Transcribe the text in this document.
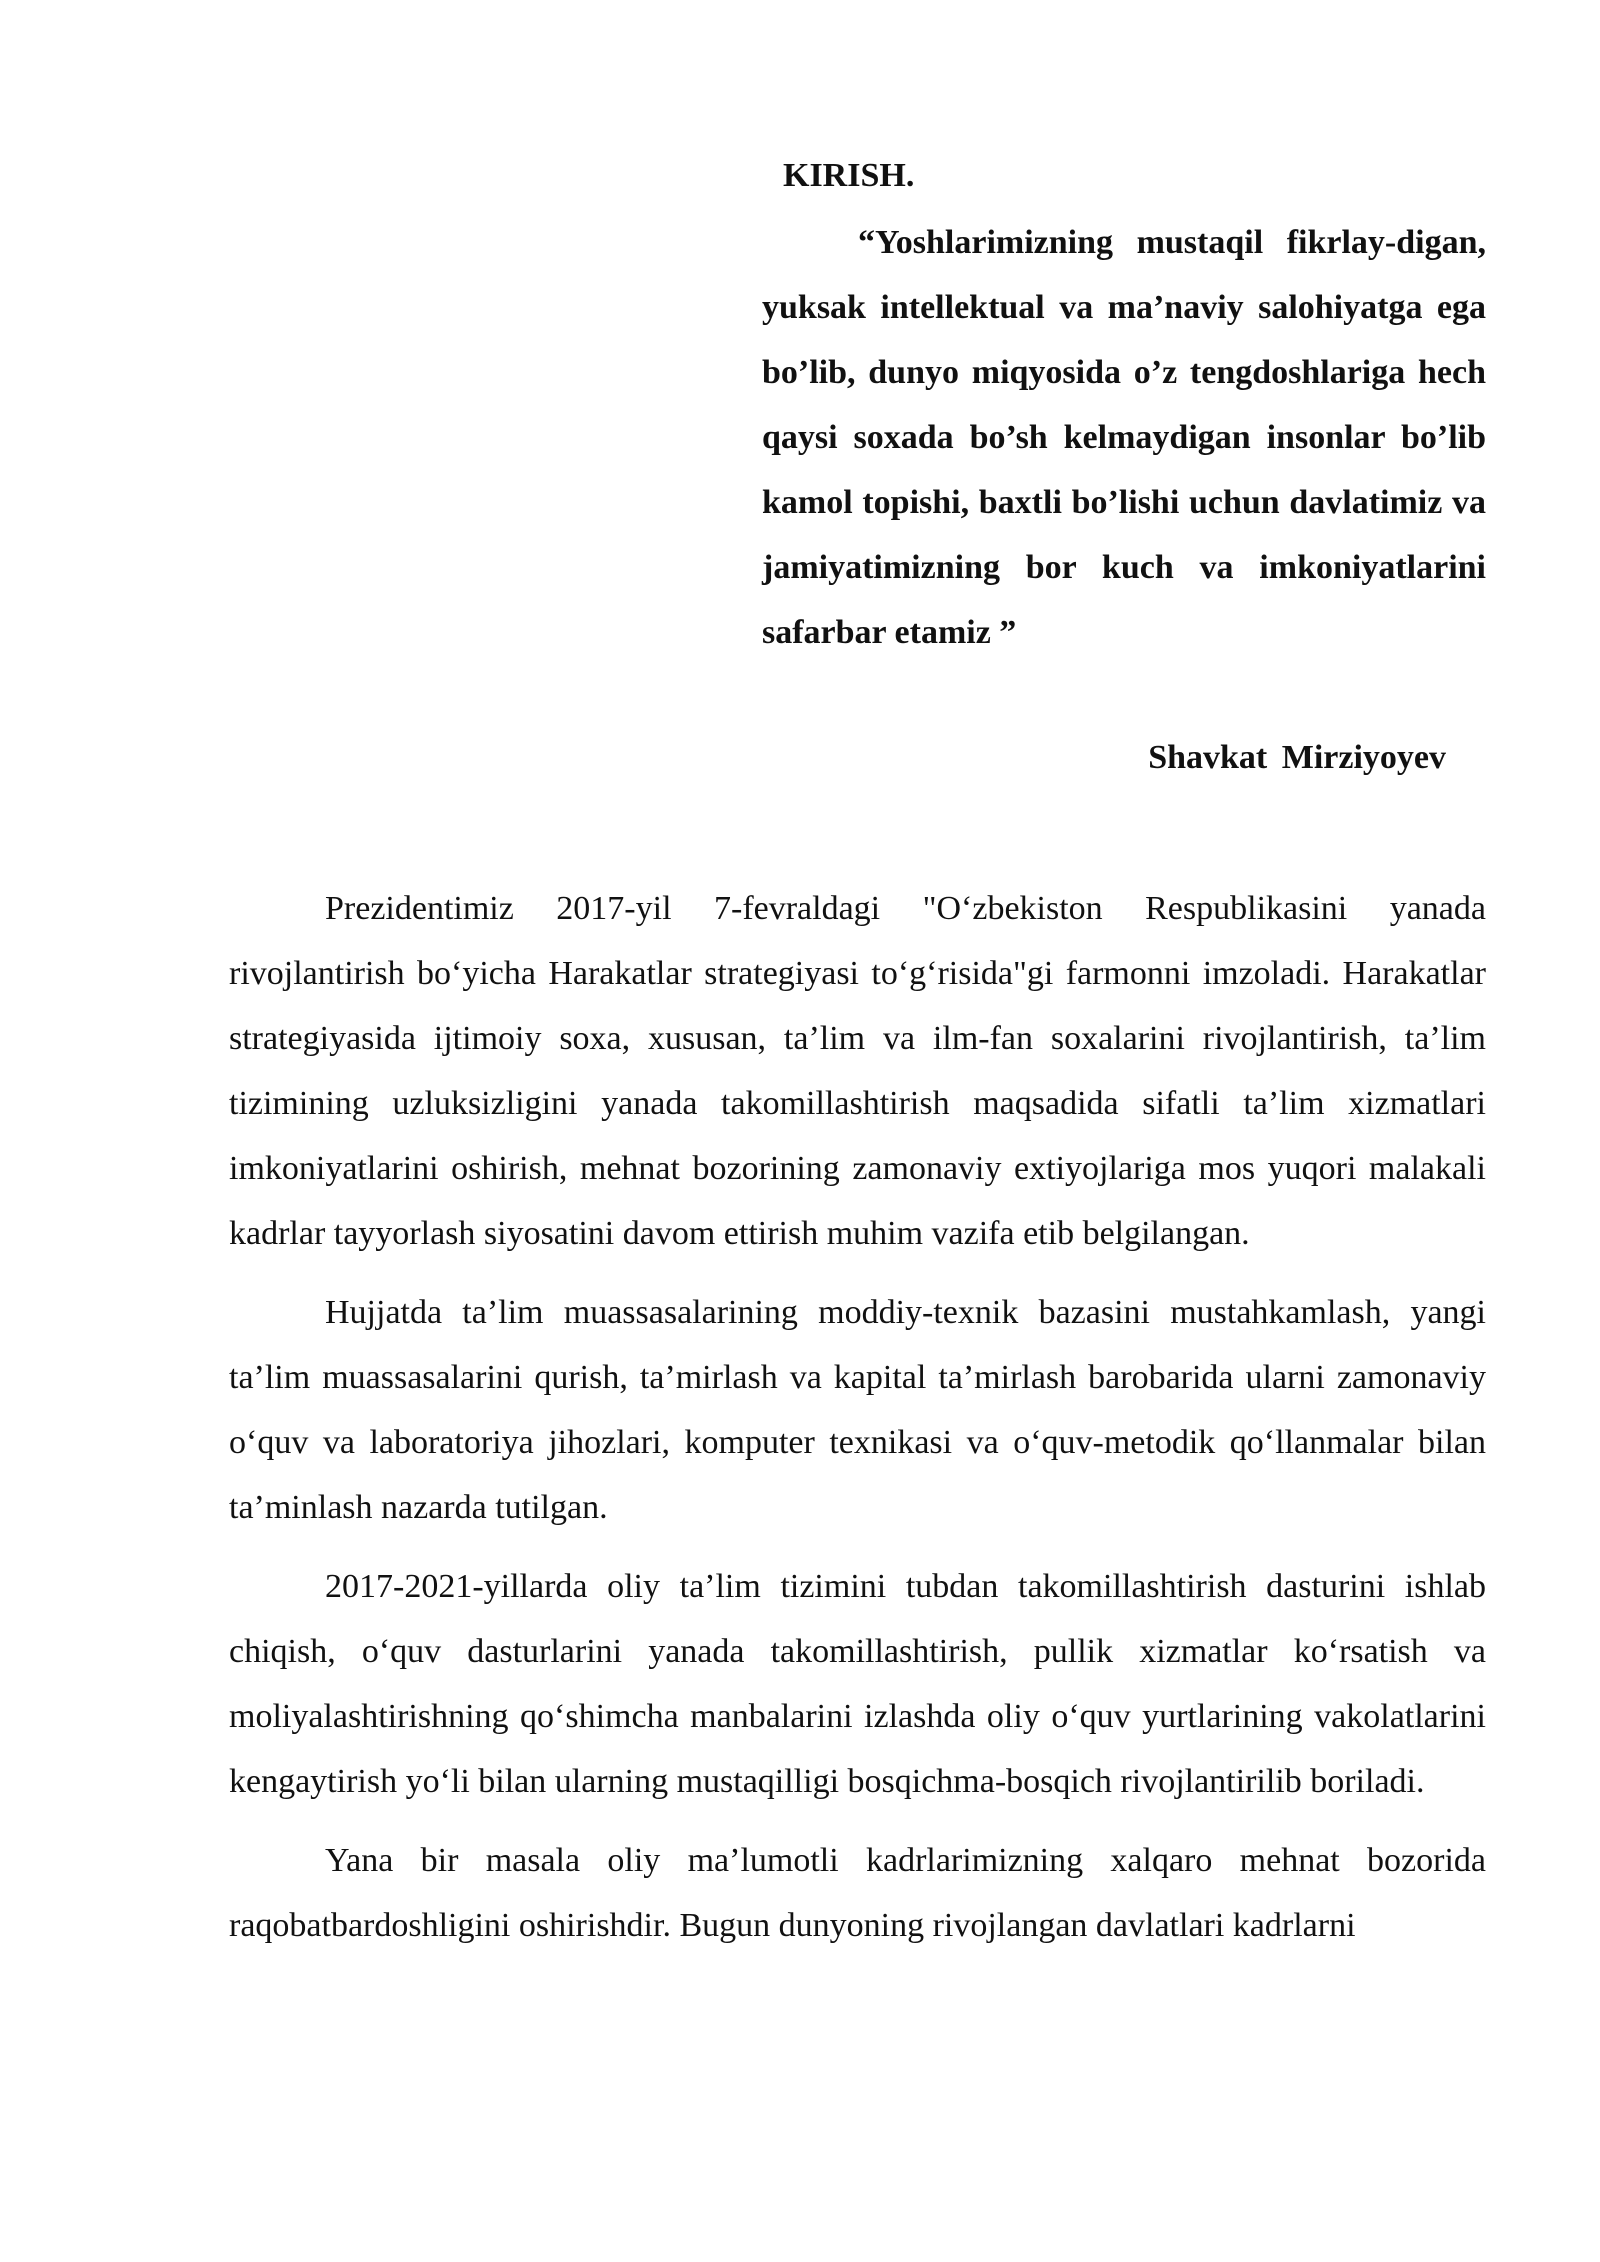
KIRISH.

“Yoshlarimizning mustaqil fikrlay-digan, yuksak intellektual va ma’naviy salohiyatga ega bo’lib, dunyo miqyosida o’z tengdoshlariga hech qaysi soxada bo’sh kelmaydigan insonlar bo’lib kamol topishi, baxtli bo’lishi uchun davlatimiz va jamiyatimizning bor kuch va imkoniyatlarini safarbar etamiz ”

Shavkat Mirziyoyev

Prezidentimiz 2017-yil 7-fevraldagi "O‘zbekiston Respublikasini yanada rivojlantirish bo‘yicha Harakatlar strategiyasi to‘g‘risida"gi farmonni imzoladi. Harakatlar strategiyasida ijtimoiy soxa, xususan, ta’lim va ilm-fan soxalarini rivojlantirish, ta’lim tizimining uzluksizligini yanada takomillashtirish maqsadida sifatli ta’lim xizmatlari imkoniyatlarini oshirish, mehnat bozorining zamonaviy extiyojlariga mos yuqori malakali kadrlar tayyorlash siyosatini davom ettirish muhim vazifa etib belgilangan.

Hujjatda ta’lim muassasalarining moddiy-texnik bazasini mustahkamlash, yangi ta’lim muassasalarini qurish, ta’mirlash va kapital ta’mirlash barobarida ularni zamonaviy o‘quv va laboratoriya jihozlari, komputer texnikasi va o‘quv-metodik qo‘llanmalar bilan ta’minlash nazarda tutilgan.

2017-2021-yillarda oliy ta’lim tizimini tubdan takomillashtirish dasturini ishlab chiqish, o‘quv dasturlarini yanada takomillashtirish, pullik xizmatlar ko‘rsatish va moliyalashtirishning qo‘shimcha manbalarini izlashda oliy o‘quv yurtlarining vakolatlarini kengaytirish yo‘li bilan ularning mustaqilligi bosqichma-bosqich rivojlantirilib boriladi.

Yana bir masala oliy ma’lumotli kadrlarimizning xalqaro mehnat bozorida raqobatbardoshligini oshirishdir. Bugun dunyoning rivojlangan davlatlari kadrlarni
